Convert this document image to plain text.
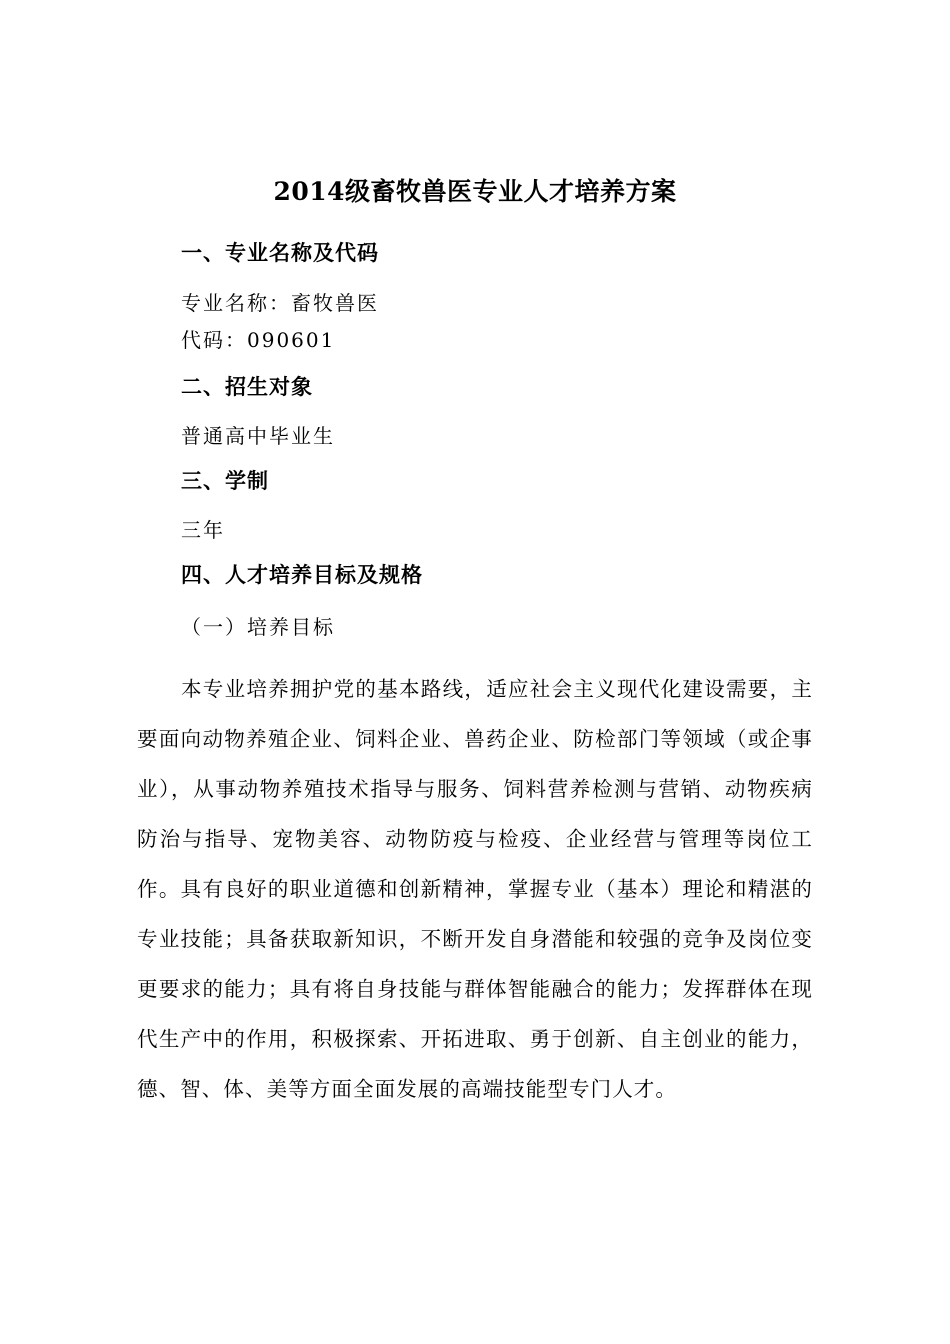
2014级畜牧兽医专业人才培养方案
一、专业名称及代码
专业名称：畜牧兽医
代码：090601
二、招生对象
普通高中毕业生
三、学制
三年
四、人才培养目标及规格
（一）培养目标
本专业培养拥护党的基本路线，适应社会主义现代化建设需要，主要面向动物养殖企业、饲料企业、兽药企业、防检部门等领域（或企事业），从事动物养殖技术指导与服务、饲料营养检测与营销、动物疾病防治与指导、宠物美容、动物防疫与检疫、企业经营与管理等岗位工作。具有良好的职业道德和创新精神，掌握专业（基本）理论和精湛的专业技能；具备获取新知识，不断开发自身潜能和较强的竞争及岗位变更要求的能力；具有将自身技能与群体智能融合的能力；发挥群体在现代生产中的作用，积极探索、开拓进取、勇于创新、自主创业的能力，德、智、体、美等方面全面发展的高端技能型专门人才。
